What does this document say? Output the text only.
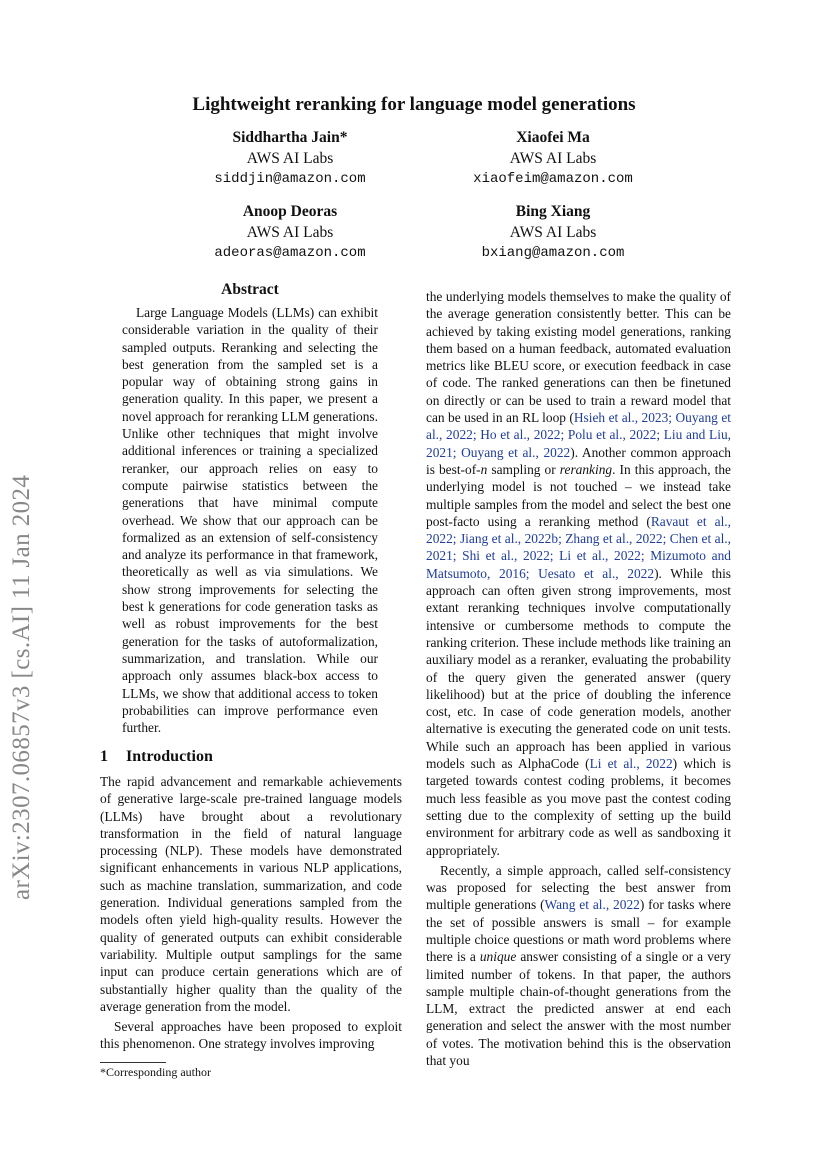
arXiv:2307.06857v3 [cs.AI] 11 Jan 2024
Lightweight reranking for language model generations
Siddhartha Jain*
AWS AI Labs
siddjin@amazon.com
Xiaofei Ma
AWS AI Labs
xiaofeim@amazon.com
Anoop Deoras
AWS AI Labs
adeoras@amazon.com
Bing Xiang
AWS AI Labs
bxiang@amazon.com
Abstract

Large Language Models (LLMs) can exhibit considerable variation in the quality of their sampled outputs. Reranking and selecting the best generation from the sampled set is a popular way of obtaining strong gains in generation quality. In this paper, we present a novel approach for reranking LLM generations. Unlike other techniques that might involve additional inferences or training a specialized reranker, our approach relies on easy to compute pairwise statistics between the generations that have minimal compute overhead. We show that our approach can be formalized as an extension of self-consistency and analyze its performance in that framework, theoretically as well as via simulations. We show strong improvements for selecting the best k generations for code generation tasks as well as robust improvements for the best generation for the tasks of autoformalization, summarization, and translation. While our approach only assumes black-box access to LLMs, we show that additional access to token probabilities can improve performance even further.

1 Introduction

The rapid advancement and remarkable achievements of generative large-scale pre-trained language models (LLMs) have brought about a revolutionary transformation in the field of natural language processing (NLP). These models have demonstrated significant enhancements in various NLP applications, such as machine translation, summarization, and code generation. Individual generations sampled from the models often yield high-quality results. However the quality of generated outputs can exhibit considerable variability. Multiple output samplings for the same input can produce certain generations which are of substantially higher quality than the quality of the average generation from the model.

Several approaches have been proposed to exploit this phenomenon. One strategy involves improving

the underlying models themselves to make the quality of the average generation consistently better. This can be achieved by taking existing model generations, ranking them based on a human feedback, automated evaluation metrics like BLEU score, or execution feedback in case of code. The ranked generations can then be finetuned on directly or can be used to train a reward model that can be used in an RL loop (Hsieh et al., 2023; Ouyang et al., 2022; Ho et al., 2022; Polu et al., 2022; Liu and Liu, 2021; Ouyang et al., 2022). Another common approach is best-of-n sampling or reranking. In this approach, the underlying model is not touched – we instead take multiple samples from the model and select the best one post-facto using a reranking method (Ravaut et al., 2022; Jiang et al., 2022b; Zhang et al., 2022; Chen et al., 2021; Shi et al., 2022; Li et al., 2022; Mizumoto and Matsumoto, 2016; Uesato et al., 2022). While this approach can often given strong improvements, most extant reranking techniques involve computationally intensive or cumbersome methods to compute the ranking criterion. These include methods like training an auxiliary model as a reranker, evaluating the probability of the query given the generated answer (query likelihood) but at the price of doubling the inference cost, etc. In case of code generation models, another alternative is executing the generated code on unit tests. While such an approach has been applied in various models such as AlphaCode (Li et al., 2022) which is targeted towards contest coding problems, it becomes much less feasible as you move past the contest coding setting due to the complexity of setting up the build environment for arbitrary code as well as sandboxing it appropriately.

Recently, a simple approach, called self-consistency was proposed for selecting the best answer from multiple generations (Wang et al., 2022) for tasks where the set of possible answers is small – for example multiple choice questions or math word problems where there is a unique answer consisting of a single or a very limited number of tokens. In that paper, the authors sample multiple chain-of-thought generations from the LLM, extract the predicted answer at end each generation and select the answer with the most number of votes. The motivation behind this is the observation that you

*Corresponding author
